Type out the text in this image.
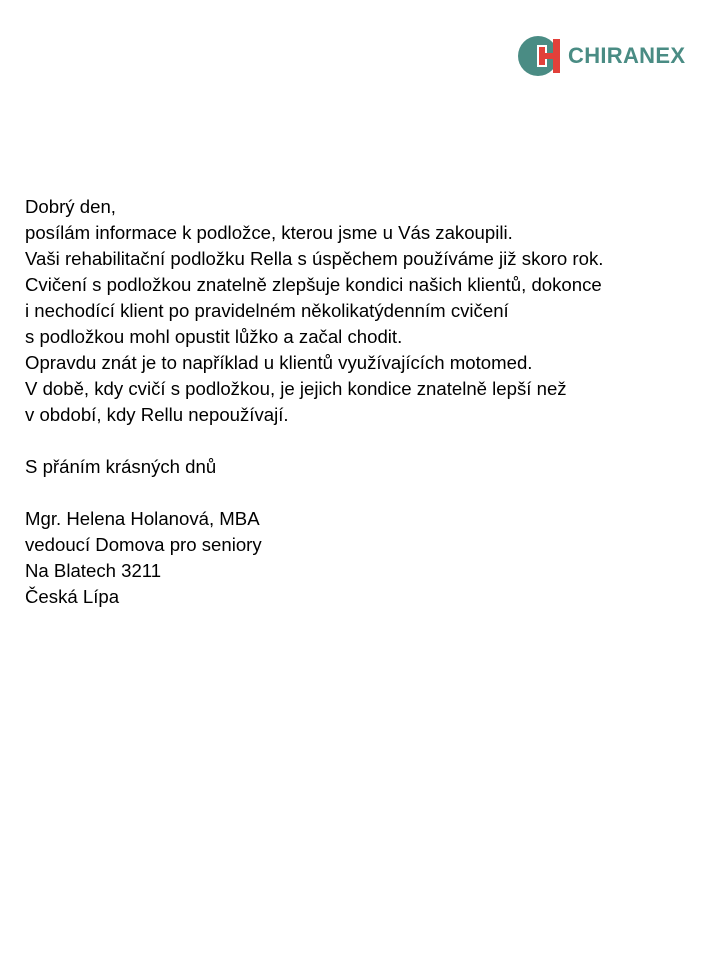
CHIRANEX
Dobrý den,
posílám informace k podložce, kterou jsme u Vás zakoupili.
Vaši rehabilitační podložku Rella s úspěchem používáme již skoro rok.
Cvičení s podložkou znatelně zlepšuje kondici našich klientů, dokonce
i nechodící klient po pravidelném několikatýdenním cvičení
s podložkou mohl opustit lůžko a začal chodit.
Opravdu znát je to například u klientů využívajících motomed.
V době, kdy cvičí s podložkou, je jejich kondice znatelně lepší než
v období, kdy Rellu nepoužívají.
S přáním krásných dnů
Mgr. Helena Holanová, MBA
vedoucí Domova pro seniory
Na Blatech 3211
Česká Lípa
